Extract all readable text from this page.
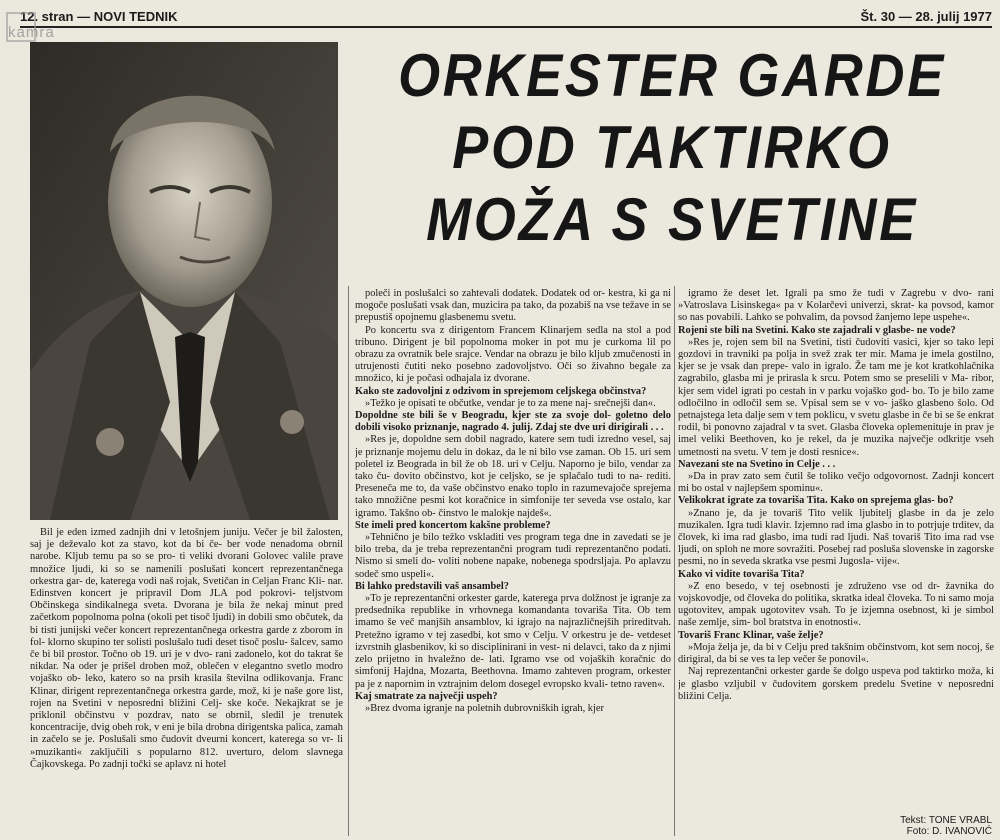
12. stran — NOVI TEDNIK	Št. 30 — 28. julij 1977
kamra
ORKESTER GARDE
POD TAKTIRKO
MOŽA S SVETINE

Bil je eden izmed zadnjih dni v letošnjem juniju. Večer je bil žalosten, saj je deževalo kot za stavo, kot da bi če- ber vode nenadoma obrnil narobe. Kljub temu pa so se pro- ti veliki dvorani Golovec valile prave množice ljudi, ki so se namenili poslušati koncert reprezentančnega orkestra gar- de, katerega vodi naš rojak, Svetičan in Celjan Franc Kli- nar. Edinstven koncert je pripravil Dom JLA pod pokrovi- teljstvom Občinskega sindikalnega sveta. Dvorana je bila že nekaj minut pred začetkom popolnoma polna (okoli pet tisoč ljudi) in dobili smo občutek, da bi tisti junijski večer koncert reprezentančnega orkestra garde z zborom in fol- klorno skupino ter solisti poslušalo tudi deset tisoč poslu- šalcev, samo če bi bil prostor. Točno ob 19. uri je v dvo- rani zadonelo, kot do takrat še nikdar. Na oder je prišel droben mož, oblečen v elegantno svetlo modro vojaško ob- leko, katero so na prsih krasila številna odlikovanja. Franc Klinar, dirigent reprezentančnega orkestra garde, mož, ki je naše gore list, rojen na Svetini v neposredni bližini Celj- ske koče. Nekajkrat se je priklonil občinstvu v pozdrav, nato se obrnil, sledil je trenutek koncentracije, dvig obeh rok, v eni je bila drobna dirigentska palica, zamah in začelo se je. Poslušali smo čudovit dveurni koncert, katerega so vr- li »muzikanti« zaključili s popularno 812. uverturo, delom slavnega Čajkovskega. Po zadnji točki se aplavz ni hotel

poleči in poslušalci so zahtevali dodatek. Dodatek od or- kestra, ki ga ni mogoče poslušati vsak dan, muzicira pa tako, da pozabiš na vse težave in se prepustiš opojnemu glasbenemu svetu.

Po koncertu sva z dirigentom Francem Klinarjem sedla na stol a pod tribuno. Dirigent je bil popolnoma moker in pot mu je curkoma lil po obrazu za ovratnik bele srajce. Vendar na obrazu je bilo kljub zmučenosti in utrujenosti čutiti neko posebno zadovoljstvo. Oči so živahno begale za množico, ki je počasi odhajala iz dvorane.

Kako ste zadovoljni z odzivom in sprejemom celjskega občinstva?

»Težko je opisati te občutke, vendar je to za mene naj- srečnejši dan«.

Dopoldne ste bili še v Beogradu, kjer ste za svoje dol- goletno delo dobili visoko priznanje, nagrado 4. julij. Zdaj ste dve uri dirigirali . . .

»Res je, dopoldne sem dobil nagrado, katere sem tudi izredno vesel, saj je priznanje mojemu delu in dokaz, da le ni bilo vse zaman. Ob 15. uri sem poletel iz Beograda in bil že ob 18. uri v Celju. Naporno je bilo, vendar za tako ču- dovito občinstvo, kot je celjsko, se je splačalo tudi to na- rediti. Preseneča me to, da vaše občinstvo enako toplo in razumevajoče sprejema tako množične pesmi kot koračnice in simfonije ter seveda vse ostalo, kar igramo. Takšno ob- činstvo le malokje najdeš«.

Ste imeli pred koncertom kakšne probleme?

»Tehnično je bilo težko vskladiti ves program tega dne in zavedati se je bilo treba, da je treba reprezentančni program tudi reprezentančno podati. Nismo si smeli do- voliti nobene napake, nobenega spodrsljaja. Po aplavzu sodeč smo uspeli«.

Bi lahko predstavili vaš ansambel?

»To je reprezentančni orkester garde, katerega prva dolžnost je igranje za predsednika republike in vrhovnega komandanta tovariša Tita. Ob tem imamo še več manjših ansamblov, ki igrajo na najrazličnejših prireditvah. Pretežno igramo v tej zasedbi, kot smo v Celju. V orkestru je de- vetdeset izvrstnih glasbenikov, ki so disciplinirani in vest- ni delavci, tako da z njimi zelo prijetno in hvaležno de- lati. Igramo vse od vojaških koračnic do simfonij Hajdna, Mozarta, Beethovna. Imamo zahteven program, orkester pa je z napornim in vztrajnim delom dosegel evropsko kvali- tetno raven«.

Kaj smatrate za največji uspeh?

»Brez dvoma igranje na poletnih dubrovniških igrah, kjer

igramo že deset let. Igrali pa smo že tudi v Zagrebu v dvo- rani »Vatroslava Lisinskega« pa v Kolarčevi univerzi, skrat- ka povsod, kamor so nas povabili. Lahko se pohvalim, da povsod žanjemo lepe uspehe«.

Rojeni ste bili na Svetini. Kako ste zajadrali v glasbe- ne vode?

»Res je, rojen sem bil na Svetini, tisti čudoviti vasici, kjer so tako lepi gozdovi in travniki pa polja in svež zrak ter mir. Mama je imela gostilno, kjer se je vsak dan prepe- valo in igralo. Že tam me je kot kratkohlačnika zagrabilo, glasba mi je prirasla k srcu. Potem smo se preselili v Ma- ribor, kjer sem videl igrati po cestah in v parku vojaško god- bo. To je bilo zame odločilno in odločil sem se. Vpisal sem se v vo- jaško glasbeno šolo. Od petnajstega leta dalje sem v tem poklicu, v svetu glasbe in če bi se še enkrat rodil, bi ponovno zajadral v ta svet. Glasba človeka oplemenituje in prav je imel veliki Beethoven, ko je rekel, da je muzika največje odkritje vseh umetnosti na svetu. V tem je dosti resnice«.

Navezani ste na Svetino in Celje . . .

»Da in prav zato sem čutil še toliko večjo odgovornost. Zadnji koncert mi bo ostal v najlepšem spominu«.

Velikokrat igrate za tovariša Tita. Kako on sprejema glas- bo?

»Znano je, da je tovariš Tito velik ljubitelj glasbe in da je zelo muzikalen. Igra tudi klavir. Izjemno rad ima glasbo in to potrjuje trditev, da človek, ki ima rad glasbo, ima tudi rad ljudi. Naš tovariš Tito ima rad vse ljudi, on sploh ne more sovražiti. Posebej rad posluša slovenske in zagorske pesmi, no in seveda skratka vse pesmi Jugosla- vije«.

Kako vi vidite tovariša Tita?

»Z eno besedo, v tej osebnosti je združeno vse od dr- žavnika do vojskovodje, od človeka do politika, skratka ideal človeka. To ni samo moja ugotovitev, ampak ugotovitev vsah. To je izjemna osebnost, ki je simbol naše zemlje, sim- bol bratstva in enotnosti«.

Tovariš Franc Klinar, vaše želje?

»Moja želja je, da bi v Celju pred takšnim občinstvom, kot sem nocoj, še dirigiral, da bi se ves ta lep večer še ponovil«.

Naj reprezentančni orkester garde še dolgo uspeva pod taktirko moža, ki je glasbo vzljubil v čudovitem gorskem predelu Svetine v neposredni bližini Celja.

Tekst: TONE VRABL
Foto: D. IVANOVIĆ
